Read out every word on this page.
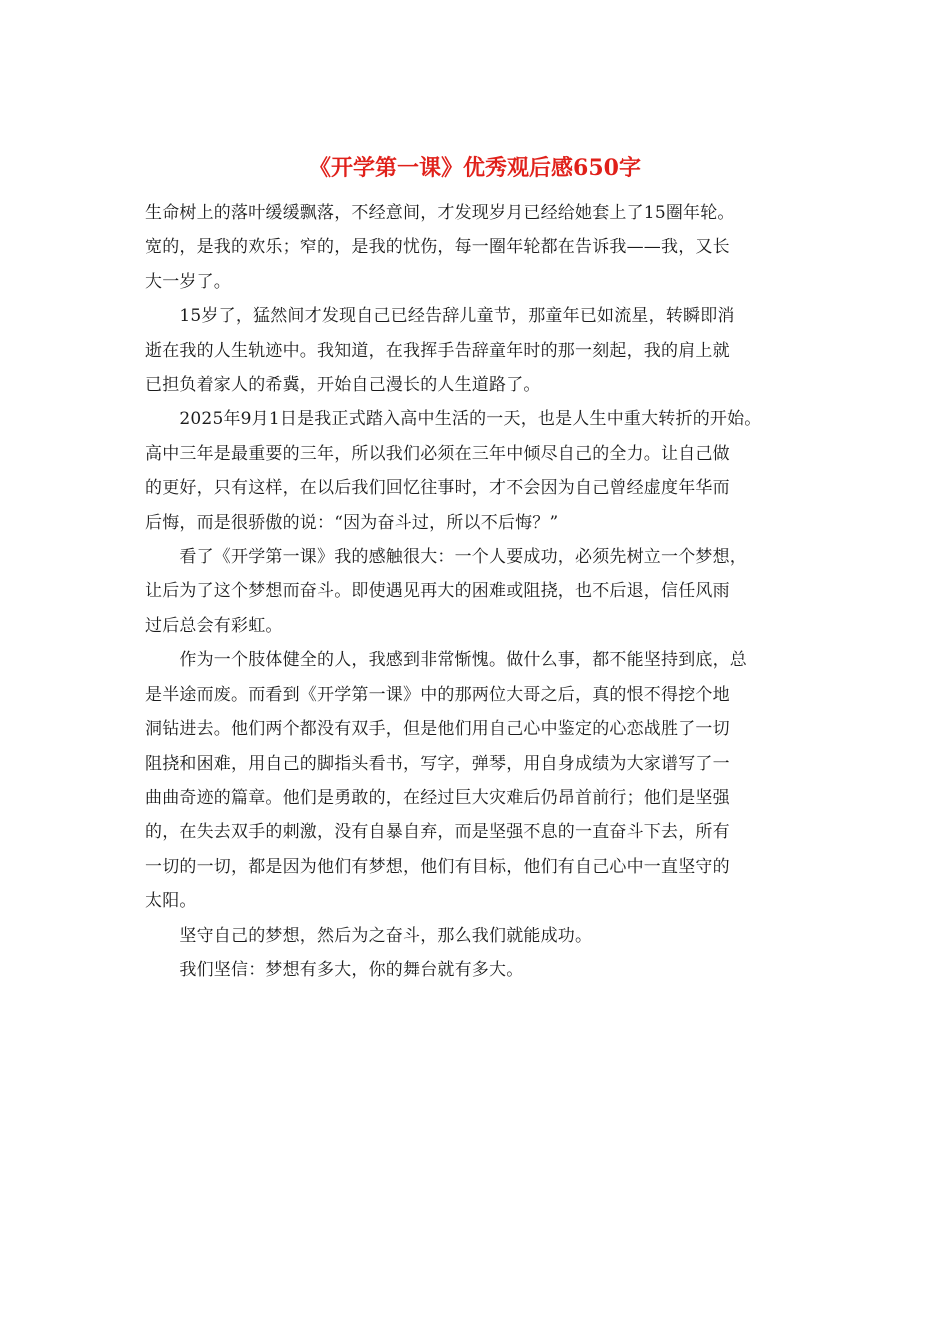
《开学第一课》优秀观后感650字

生命树上的落叶缓缓飘落，不经意间，才发现岁月已经给她套上了15圈年轮。
宽的，是我的欢乐；窄的，是我的忧伤，每一圈年轮都在告诉我——我，又长
大一岁了。

　　15岁了，猛然间才发现自己已经告辞儿童节，那童年已如流星，转瞬即消
逝在我的人生轨迹中。我知道，在我挥手告辞童年时的那一刻起，我的肩上就
已担负着家人的希冀，开始自己漫长的人生道路了。

　　2025年9月1日是我正式踏入高中生活的一天，也是人生中重大转折的开始。
高中三年是最重要的三年，所以我们必须在三年中倾尽自己的全力。让自己做
的更好，只有这样，在以后我们回忆往事时，才不会因为自己曾经虚度年华而
后悔，而是很骄傲的说：“因为奋斗过，所以不后悔？”

　　看了《开学第一课》我的感触很大：一个人要成功，必须先树立一个梦想，
让后为了这个梦想而奋斗。即使遇见再大的困难或阻挠，也不后退，信任风雨
过后总会有彩虹。

　　作为一个肢体健全的人，我感到非常惭愧。做什么事，都不能坚持到底，总
是半途而废。而看到《开学第一课》中的那两位大哥之后，真的恨不得挖个地
洞钻进去。他们两个都没有双手，但是他们用自己心中鉴定的心恋战胜了一切
阻挠和困难，用自己的脚指头看书，写字，弹琴，用自身成绩为大家谱写了一
曲曲奇迹的篇章。他们是勇敢的，在经过巨大灾难后仍昂首前行；他们是坚强
的，在失去双手的刺激，没有自暴自弃，而是坚强不息的一直奋斗下去，所有
一切的一切，都是因为他们有梦想，他们有目标，他们有自己心中一直坚守的
太阳。

　　坚守自己的梦想，然后为之奋斗，那么我们就能成功。

　　我们坚信：梦想有多大，你的舞台就有多大。
